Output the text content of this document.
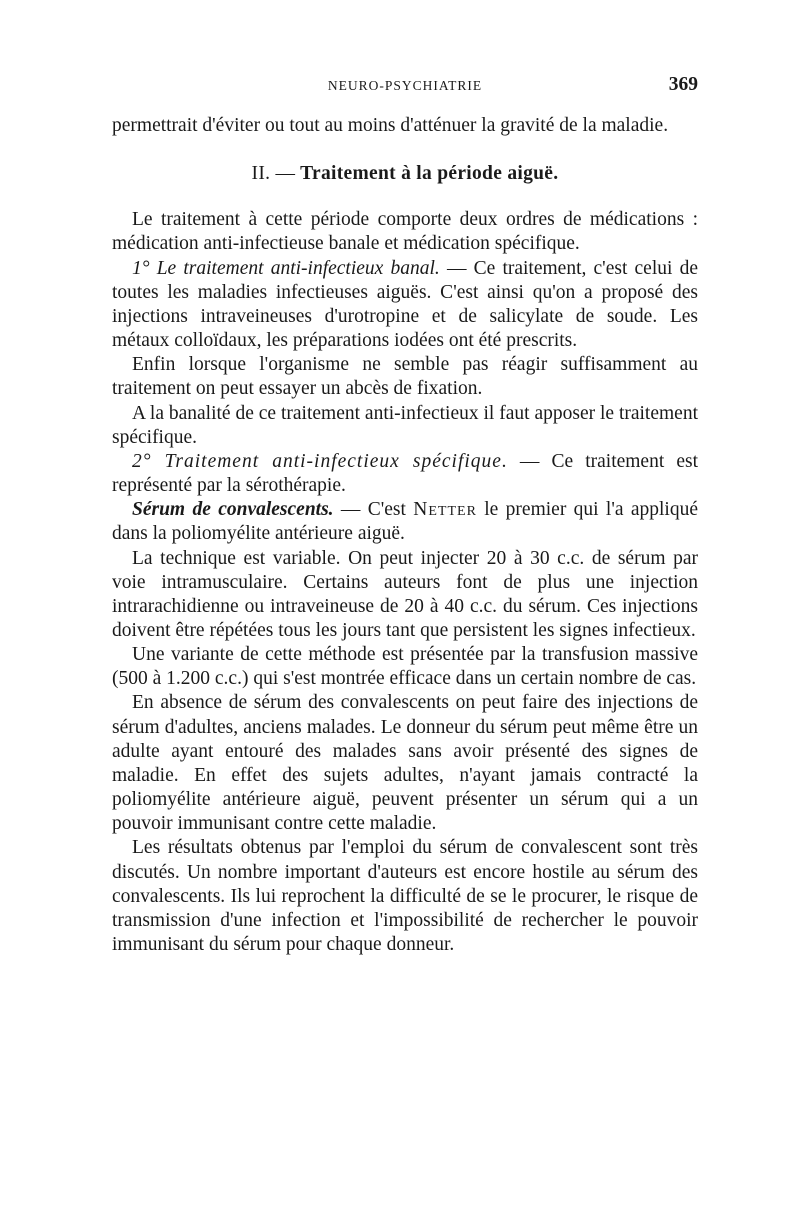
NEURO-PSYCHIATRIE	369

permettrait d'éviter ou tout au moins d'atténuer la gravité de la maladie.

II. — Traitement à la période aiguë.

Le traitement à cette période comporte deux ordres de médications : médication anti-infectieuse banale et médication spécifique.

1° Le traitement anti-infectieux banal. — Ce traitement, c'est celui de toutes les maladies infectieuses aiguës. C'est ainsi qu'on a proposé des injections intraveineuses d'urotropine et de salicylate de soude. Les métaux colloïdaux, les préparations iodées ont été prescrits.

Enfin lorsque l'organisme ne semble pas réagir suffisamment au traitement on peut essayer un abcès de fixation.

A la banalité de ce traitement anti-infectieux il faut apposer le traitement spécifique.

2° Traitement anti-infectieux spécifique. — Ce traitement est représenté par la sérothérapie.

Sérum de convalescents. — C'est Netter le premier qui l'a appliqué dans la poliomyélite antérieure aiguë.

La technique est variable. On peut injecter 20 à 30 c.c. de sérum par voie intramusculaire. Certains auteurs font de plus une injection intrarachidienne ou intraveineuse de 20 à 40 c.c. du sérum. Ces injections doivent être répétées tous les jours tant que persistent les signes infectieux.

Une variante de cette méthode est présentée par la transfusion massive (500 à 1.200 c.c.) qui s'est montrée efficace dans un certain nombre de cas.

En absence de sérum des convalescents on peut faire des injections de sérum d'adultes, anciens malades. Le donneur du sérum peut même être un adulte ayant entouré des malades sans avoir présenté des signes de maladie. En effet des sujets adultes, n'ayant jamais contracté la poliomyélite antérieure aiguë, peuvent présenter un sérum qui a un pouvoir immunisant contre cette maladie.

Les résultats obtenus par l'emploi du sérum de convalescent sont très discutés. Un nombre important d'auteurs est encore hostile au sérum des convalescents. Ils lui reprochent la difficulté de se le procurer, le risque de transmission d'une infection et l'impossibilité de rechercher le pouvoir immunisant du sérum pour chaque donneur.
